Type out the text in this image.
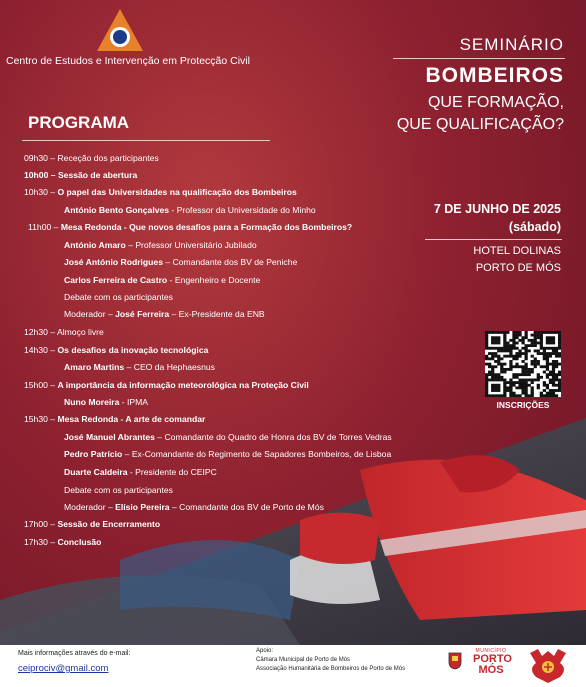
Centro de Estudos e Intervenção em Protecção Civil
SEMINÁRIO
BOMBEIROS
QUE FORMAÇÃO,
QUE QUALIFICAÇÃO?
PROGRAMA
09h30 – Receção dos participantes
10h00 – Sessão de abertura
10h30 – O papel das Universidades na qualificação dos Bombeiros
António Bento Gonçalves - Professor da Universidade do Minho
11h00 – Mesa Redonda - Que novos desafios para a Formação dos Bombeiros?
António Amaro – Professor Universitário Jubilado
José António Rodrigues – Comandante dos BV de Peniche
Carlos Ferreira de Castro - Engenheiro e Docente
Debate com os participantes
Moderador – José Ferreira – Ex-Presidente da ENB
12h30 – Almoço livre
14h30 – Os desafios da inovação tecnológica
Amaro Martins – CEO da Hephaesnus
15h00 – A importância da informação meteorológica na Proteção Civil
Nuno Moreira - IPMA
15h30 – Mesa Redonda - A arte de comandar
José Manuel Abrantes – Comandante do Quadro de Honra dos BV de Torres Vedras
Pedro Patrício – Ex-Comandante do Regimento de Sapadores Bombeiros, de Lisboa
Duarte Caldeira - Presidente do CEIPC
Debate com os participantes
Moderador – Elísio Pereira – Comandante dos BV de Porto de Mós
17h00 – Sessão de Encerramento
17h30 – Conclusão
7 DE JUNHO DE 2025
(sábado)
HOTEL DOLINAS
PORTO DE MÓS
INSCRIÇÕES
Mais informações através do e-mail:
ceiprociv@gmail.com
Apoio:
Câmara Municipal de Porto de Mós
Associação Humanitária de Bombeiros de Porto de Mós
MUNICÍPIO
PORTO MÓS
